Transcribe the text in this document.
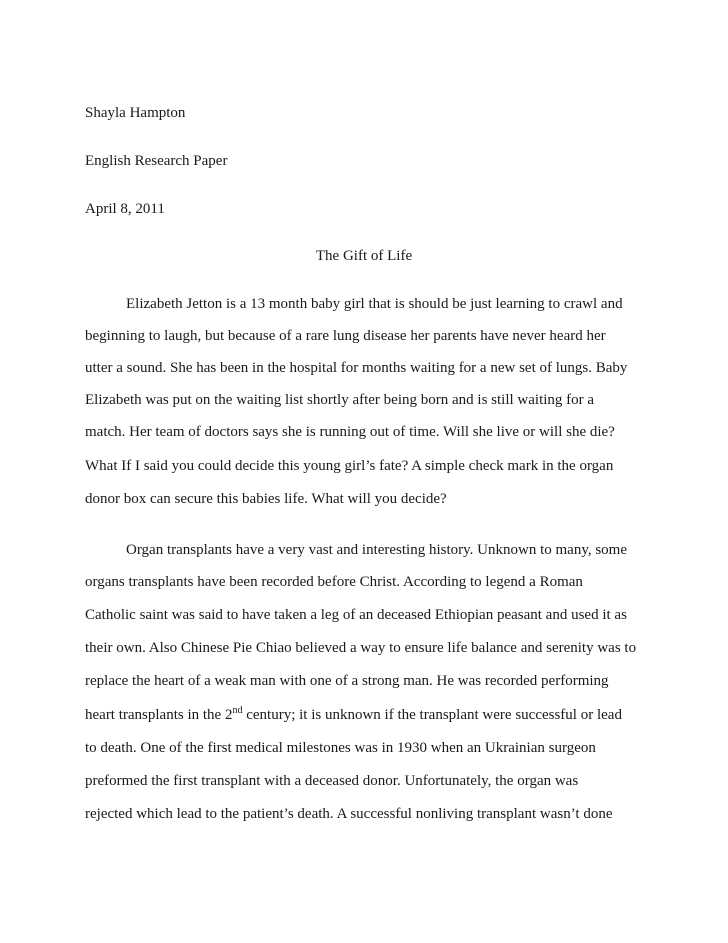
Shayla Hampton
English Research Paper
April 8, 2011
The Gift of Life
Elizabeth Jetton is a 13 month baby girl that is should be just learning to crawl and
beginning to laugh, but because of a rare lung disease her parents have never heard her
utter a sound. She has been in the hospital for months waiting for a new set of lungs. Baby
Elizabeth was put on the waiting list shortly after being born and is still waiting for a
match. Her team of doctors says she is running out of time. Will she live or will she die?
What If I said you could decide this young girl’s fate? A simple check mark in the organ
donor box can secure this babies life. What will you decide?
Organ transplants have a very vast and interesting history. Unknown to many, some
organs transplants have been recorded before Christ. According to legend a Roman
Catholic saint was said to have taken a leg of an deceased Ethiopian peasant and used it as
their own. Also Chinese Pie Chiao believed a way to ensure life balance and serenity was to
replace the heart of a weak man with one of a strong man. He was recorded performing
heart transplants in the 2nd century; it is unknown if the transplant were successful or lead
to death. One of the first medical milestones was in 1930 when an Ukrainian surgeon
preformed the first transplant with a deceased donor. Unfortunately, the organ was
rejected which lead to the patient’s death. A successful nonliving transplant wasn’t done
